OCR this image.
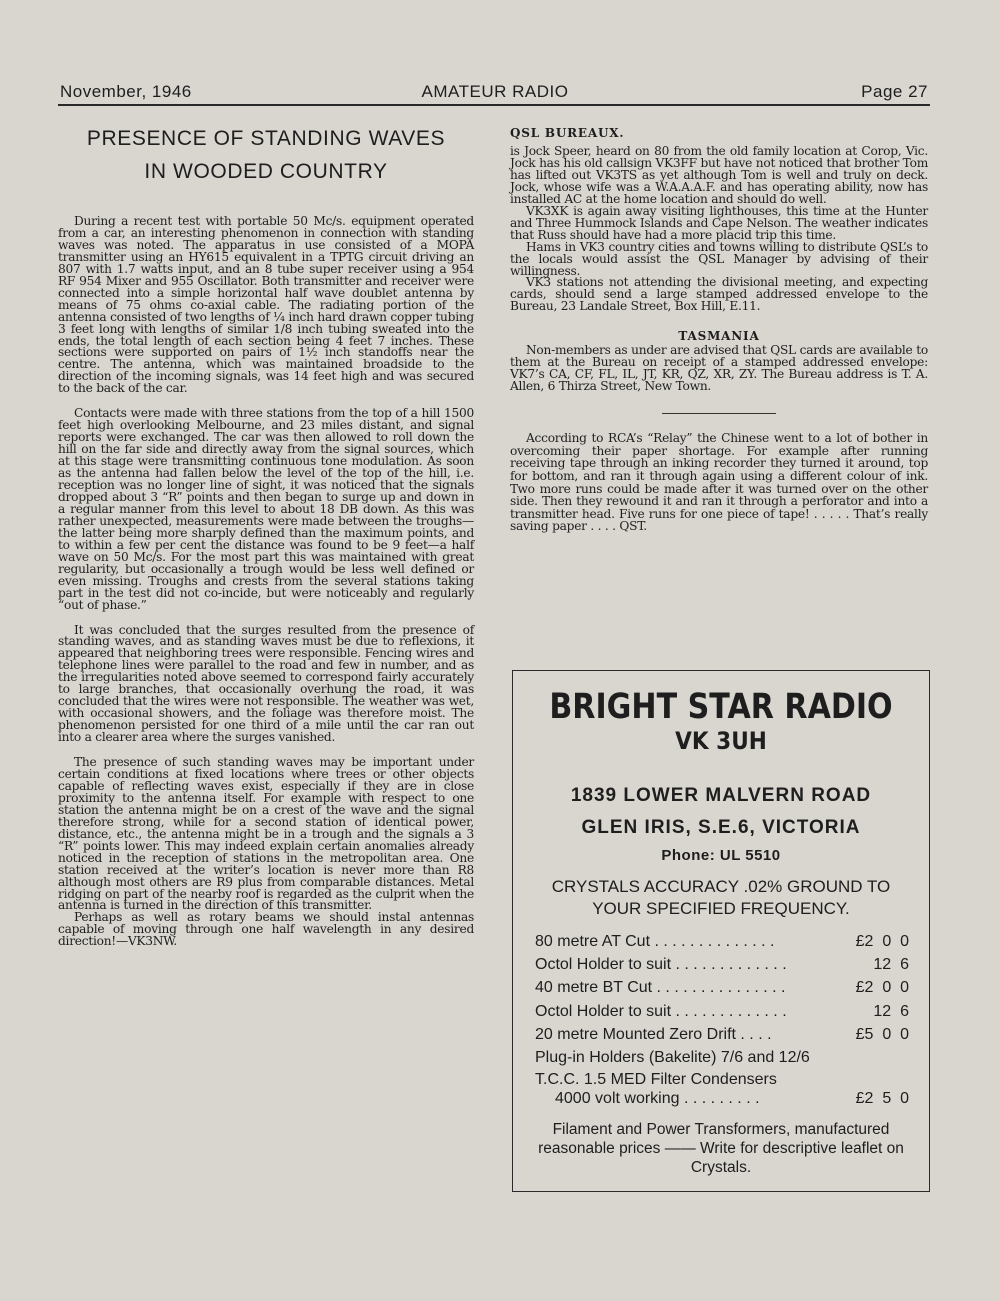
November, 1946	AMATEUR RADIO	Page 27
PRESENCE OF STANDING WAVES
IN WOODED COUNTRY

During a recent test with portable 50 Mc/s. equipment operated from a car, an interesting phenomenon in connection with standing waves was noted. The apparatus in use consisted of a MOPA transmitter using an HY615 equivalent in a TPTG circuit driving an 807 with 1.7 watts input, and an 8 tube super receiver using a 954 RF 954 Mixer and 955 Oscillator. Both transmitter and receiver were connected into a simple horizontal half wave doublet antenna by means of 75 ohms co-axial cable. The radiating portion of the antenna consisted of two lengths of ¼ inch hard drawn copper tubing 3 feet long with lengths of similar 1/8 inch tubing sweated into the ends, the total length of each section being 4 feet 7 inches. These sections were supported on pairs of 1½ inch standoffs near the centre. The antenna, which was maintained broadside to the direction of the incoming signals, was 14 feet high and was secured to the back of the car.

Contacts were made with three stations from the top of a hill 1500 feet high overlooking Melbourne, and 23 miles distant, and signal reports were exchanged. The car was then allowed to roll down the hill on the far side and directly away from the signal sources, which at this stage were transmitting continuous tone modulation. As soon as the antenna had fallen below the level of the top of the hill, i.e. reception was no longer line of sight, it was noticed that the signals dropped about 3 “R” points and then began to surge up and down in a regular manner from this level to about 18 DB down. As this was rather unexpected, measurements were made between the troughs—the latter being more sharply defined than the maximum points, and to within a few per cent the distance was found to be 9 feet—a half wave on 50 Mc/s. For the most part this was maintained with great regularity, but occasionally a trough would be less well defined or even missing. Troughs and crests from the several stations taking part in the test did not co-incide, but were noticeably and regularly “out of phase.”

It was concluded that the surges resulted from the presence of standing waves, and as standing waves must be due to reflexions, it appeared that neighboring trees were responsible. Fencing wires and telephone lines were parallel to the road and few in number, and as the irregularities noted above seemed to correspond fairly accurately to large branches, that occasionally overhung the road, it was concluded that the wires were not responsible. The weather was wet, with occasional showers, and the foliage was therefore moist. The phenomenon persisted for one third of a mile until the car ran out into a clearer area where the surges vanished.

The presence of such standing waves may be important under certain conditions at fixed locations where trees or other objects capable of reflecting waves exist, especially if they are in close proximity to the antenna itself. For example with respect to one station the antenna might be on a crest of the wave and the signal therefore strong, while for a second station of identical power, distance, etc., the antenna might be in a trough and the signals a 3 “R” points lower. This may indeed explain certain anomalies already noticed in the reception of stations in the metropolitan area. One station received at the writer’s location is never more than R8 although most others are R9 plus from comparable distances. Metal ridging on part of the nearby roof is regarded as the culprit when the antenna is turned in the direction of this transmitter.

Perhaps as well as rotary beams we should instal antennas capable of moving through one half wavelength in any desired direction!—VK3NW.

QSL BUREAUX.

is Jock Speer, heard on 80 from the old family location at Corop, Vic. Jock has his old callsign VK3FF but have not noticed that brother Tom has lifted out VK3TS as yet although Tom is well and truly on deck. Jock, whose wife was a W.A.A.A.F. and has operating ability, now has installed AC at the home location and should do well.

VK3XK is again away visiting lighthouses, this time at the Hunter and Three Hummock Islands and Cape Nelson. The weather indicates that Russ should have had a more placid trip this time.

Hams in VK3 country cities and towns willing to distribute QSL’s to the locals would assist the QSL Manager by advising of their willingness.

VK3 stations not attending the divisional meeting, and expecting cards, should send a large stamped addressed envelope to the Bureau, 23 Landale Street, Box Hill, E.11.

TASMANIA

Non-members as under are advised that QSL cards are available to them at the Bureau on receipt of a stamped addressed envelope: VK7’s CA, CF, FL, IL, JT, KR, QZ, XR, ZY. The Bureau address is T. A. Allen, 6 Thirza Street, New Town.

According to RCA’s “Relay” the Chinese went to a lot of bother in overcoming their paper shortage. For example after running receiving tape through an inking recorder they turned it around, top for bottom, and ran it through again using a different colour of ink. Two more runs could be made after it was turned over on the other side. Then they rewound it and ran it through a perforator and into a transmitter head. Five runs for one piece of tape! . . . . . That’s really saving paper . . . . QST.

BRIGHT STAR RADIO
VK 3UH
1839 LOWER MALVERN ROAD
GLEN IRIS, S.E.6, VICTORIA
Phone: UL 5510
CRYSTALS ACCURACY .02% GROUND TO YOUR SPECIFIED FREQUENCY.
80 metre AT Cut . . . . . . . . . . . . . .	£2  0  0
Octol Holder to suit . . . . . . . . . . . . .	12  6
40 metre BT Cut . . . . . . . . . . . . . . .	£2  0  0
Octol Holder to suit . . . . . . . . . . . . .	12  6
20 metre Mounted Zero Drift . . . .	£5  0  0
Plug-in Holders (Bakelite) 7/6 and 12/6
T.C.C. 1.5 MED Filter Condensers
4000 volt working . . . . . . . . .	£2  5  0
Filament and Power Transformers, manufactured reasonable prices —— Write for descriptive leaflet on Crystals.
